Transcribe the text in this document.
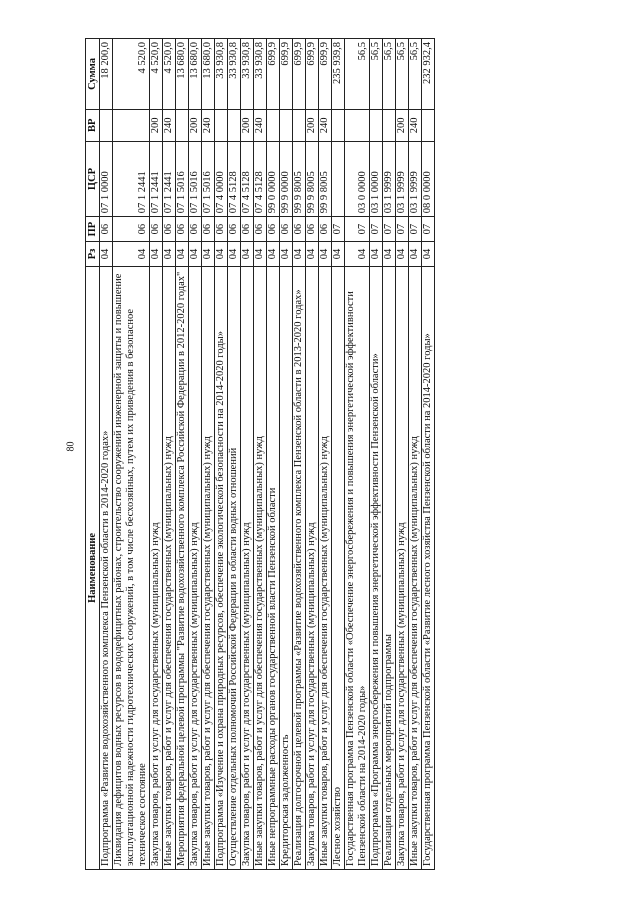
80
Наименование	Рз	ПР	ЦСР	ВР	Сумма
Подпрограмма «Развитие водохозяйственного комплекса Пензенской области в 2014-2020 годах»	04	06	07 1 0000		18 200,0
Ликвидация дефицитов водных ресурсов в вододефицитных районах, строительство сооружений инженерной защиты и повышение эксплуатационной надежности гидротехнических сооружений, в том числе бесхозяйных, путем их приведения в безопасное техническое состояние	04	06	07 1 2441		4 520,0
Закупка товаров, работ и услуг для государственных (муниципальных) нужд	04	06	07 1 2441	200	4 520,0
Иные закупки товаров, работ и услуг для обеспечения государственных (муниципальных) нужд	04	06	07 1 2441	240	4 520,0
Мероприятия федеральной целевой программы "Развитие водохозяйственного комплекса Российской Федерации в 2012-2020 годах"	04	06	07 1 5016		13 680,0
Закупка товаров, работ и услуг для государственных (муниципальных) нужд	04	06	07 1 5016	200	13 680,0
Иные закупки товаров, работ и услуг для обеспечения государственных (муниципальных) нужд	04	06	07 1 5016	240	13 680,0
Подпрограмма «Изучение и охрана природных ресурсов, обеспечение экологической безопасности на 2014-2020 годы»	04	06	07 4 0000		33 930,8
Осуществление отдельных полномочий Российской Федерации в области водных отношений	04	06	07 4 5128		33 930,8
Закупка товаров, работ и услуг для государственных (муниципальных) нужд	04	06	07 4 5128	200	33 930,8
Иные закупки товаров, работ и услуг для обеспечения государственных (муниципальных) нужд	04	06	07 4 5128	240	33 930,8
Иные непрограммные расходы органов государственной власти Пензенской области	04	06	99 0 0000		699,9
Кредиторская задолженность	04	06	99 9 0000		699,9
Реализация долгосрочной целевой программы «Развитие водохозяйственного комплекса Пензенской области в 2013-2020 годах»	04	06	99 9 8005		699,9
Закупка товаров, работ и услуг для государственных (муниципальных) нужд	04	06	99 9 8005	200	699,9
Иные закупки товаров, работ и услуг для обеспечения государственных (муниципальных) нужд	04	06	99 9 8005	240	699,9
Лесное хозяйство	04	07			235 939,8
Государственная программа Пензенской области «Обеспечение энергосбережения и повышения энергетической эффективности Пензенской области на 2014-2020 годы»	04	07	03 0 0000		56,5
Подпрограмма «Программа энергосбережения и повышения энергетической эффективности Пензенской области»	04	07	03 1 0000		56,5
Реализация отдельных мероприятий подпрограммы	04	07	03 1 9999		56,5
Закупка товаров, работ и услуг для государственных (муниципальных) нужд	04	07	03 1 9999	200	56,5
Иные закупки товаров, работ и услуг для обеспечения государственных (муниципальных) нужд	04	07	03 1 9999	240	56,5
Государственная программа Пензенской области «Развитие лесного хозяйства Пензенской области на 2014-2020 годы»	04	07	08 0 0000		232 932,4
